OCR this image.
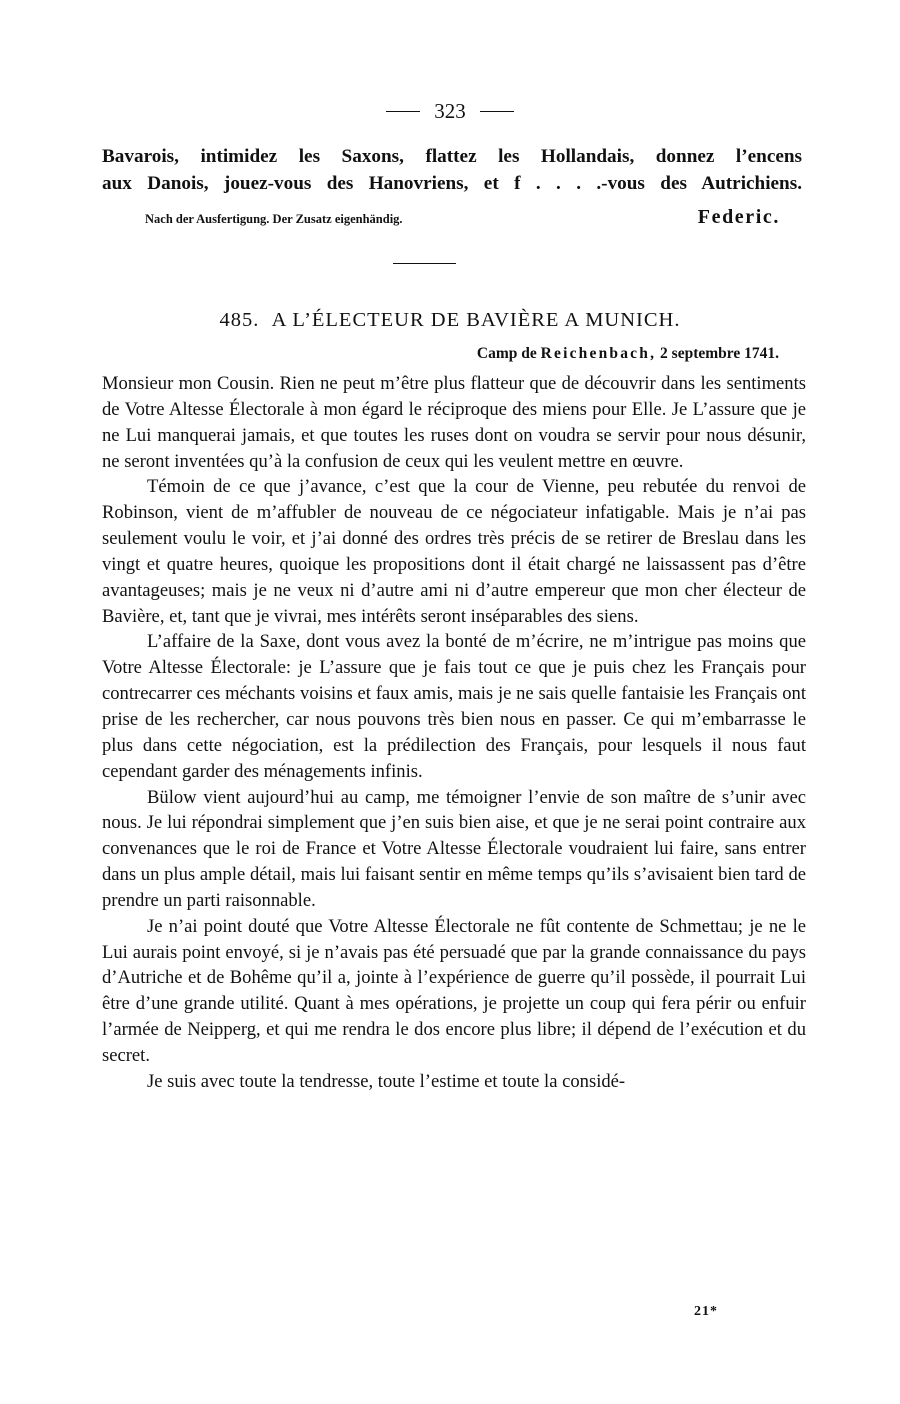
323
Bavarois, intimidez les Saxons, flattez les Hollandais, donnez l’encens
aux Danois, jouez-vous des Hanovriens, et f . . . .-vous des Autrichiens.
Nach der Ausfertigung. Der Zusatz eigenhändig.	Federic.
485. A L’ÉLECTEUR DE BAVIÈRE A MUNICH.
Camp de Reichenbach, 2 septembre 1741.

Monsieur mon Cousin. Rien ne peut m’être plus flatteur que de découvrir dans les sentiments de Votre Altesse Électorale à mon égard le réciproque des miens pour Elle. Je L’assure que je ne Lui manquerai jamais, et que toutes les ruses dont on voudra se servir pour nous désunir, ne seront inventées qu’à la confusion de ceux qui les veulent mettre en œuvre.

Témoin de ce que j’avance, c’est que la cour de Vienne, peu rebutée du renvoi de Robinson, vient de m’affubler de nouveau de ce négociateur infatigable. Mais je n’ai pas seulement voulu le voir, et j’ai donné des ordres très précis de se retirer de Breslau dans les vingt et quatre heures, quoique les propositions dont il était chargé ne laissassent pas d’être avantageuses; mais je ne veux ni d’autre ami ni d’autre empereur que mon cher électeur de Bavière, et, tant que je vivrai, mes intérêts seront inséparables des siens.

L’affaire de la Saxe, dont vous avez la bonté de m’écrire, ne m’intrigue pas moins que Votre Altesse Électorale: je L’assure que je fais tout ce que je puis chez les Français pour contrecarrer ces méchants voisins et faux amis, mais je ne sais quelle fantaisie les Français ont prise de les rechercher, car nous pouvons très bien nous en passer. Ce qui m’embarrasse le plus dans cette négociation, est la prédilection des Français, pour lesquels il nous faut cependant garder des ménagements infinis.

Bülow vient aujourd’hui au camp, me témoigner l’envie de son maître de s’unir avec nous. Je lui répondrai simplement que j’en suis bien aise, et que je ne serai point contraire aux convenances que le roi de France et Votre Altesse Électorale voudraient lui faire, sans entrer dans un plus ample détail, mais lui faisant sentir en même temps qu’ils s’avisaient bien tard de prendre un parti raisonnable.

Je n’ai point douté que Votre Altesse Électorale ne fût contente de Schmettau; je ne le Lui aurais point envoyé, si je n’avais pas été persuadé que par la grande connaissance du pays d’Autriche et de Bohême qu’il a, jointe à l’expérience de guerre qu’il possède, il pourrait Lui être d’une grande utilité. Quant à mes opérations, je projette un coup qui fera périr ou enfuir l’armée de Neipperg, et qui me rendra le dos encore plus libre; il dépend de l’exécution et du secret.

Je suis avec toute la tendresse, toute l’estime et toute la considé-

21*
